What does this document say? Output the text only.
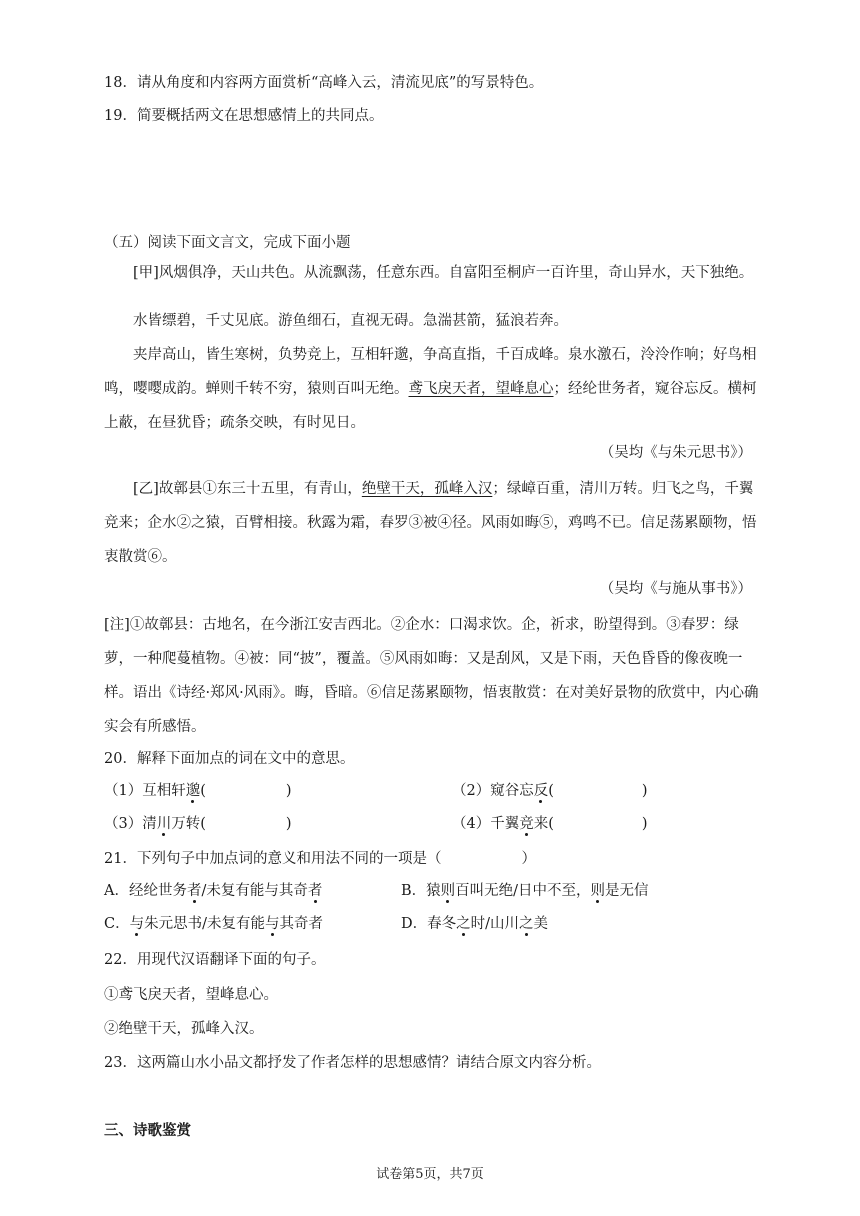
18．请从角度和内容两方面赏析“高峰入云，清流见底”的写景特色。
19．简要概括两文在思想感情上的共同点。
（五）阅读下面文言文，完成下面小题
[甲]风烟俱净，天山共色。从流飘荡，任意东西。自富阳至桐庐一百许里，奇山异水，天下独绝。
水皆缥碧，千丈见底。游鱼细石，直视无碍。急湍甚箭，猛浪若奔。
夹岸高山，皆生寒树，负势竞上，互相轩邈，争高直指，千百成峰。泉水激石，泠泠作响；好鸟相鸣，嘤嘤成韵。蝉则千转不穷，猿则百叫无绝。鸢飞戾天者，望峰息心；经纶世务者，窥谷忘反。横柯上蔽，在昼犹昏；疏条交映，有时见日。
（吴均《与朱元思书》）
[乙]故鄣县①东三十五里，有青山，绝壁干天，孤峰入汉；绿嶂百重，清川万转。归飞之鸟，千翼竞来；企水②之猿，百臂相接。秋露为霜，春罗③被④径。风雨如晦⑤，鸡鸣不已。信足荡累颐物，悟衷散赏⑥。
（吴均《与施从事书》）
[注]①故鄣县：古地名，在今浙江安吉西北。②企水：口渴求饮。企，祈求，盼望得到。③春罗：绿萝，一种爬蔓植物。④被：同“披”，覆盖。⑤风雨如晦：又是刮风，又是下雨，天色昏昏的像夜晚一样。语出《诗经·郑风·风雨》。晦，昏暗。⑥信足荡累颐物，悟衷散赏：在对美好景物的欣赏中，内心确实会有所感悟。
20．解释下面加点的词在文中的意思。
（1）互相轩邈(	)	（2）窥谷忘反(	)
（3）清川万转(	)	（4）千翼竞来(	)
21．下列句子中加点词的意义和用法不同的一项是（	）
A．经纶世务者/未复有能与其奇者	B．猿则百叫无绝/日中不至，则是无信
C．与朱元思书/未复有能与其奇者	D．春冬之时/山川之美
22．用现代汉语翻译下面的句子。
①鸢飞戾天者，望峰息心。
②绝壁干天，孤峰入汉。
23．这两篇山水小品文都抒发了作者怎样的思想感情？请结合原文内容分析。
三、诗歌鉴赏
试卷第5页，共7页
